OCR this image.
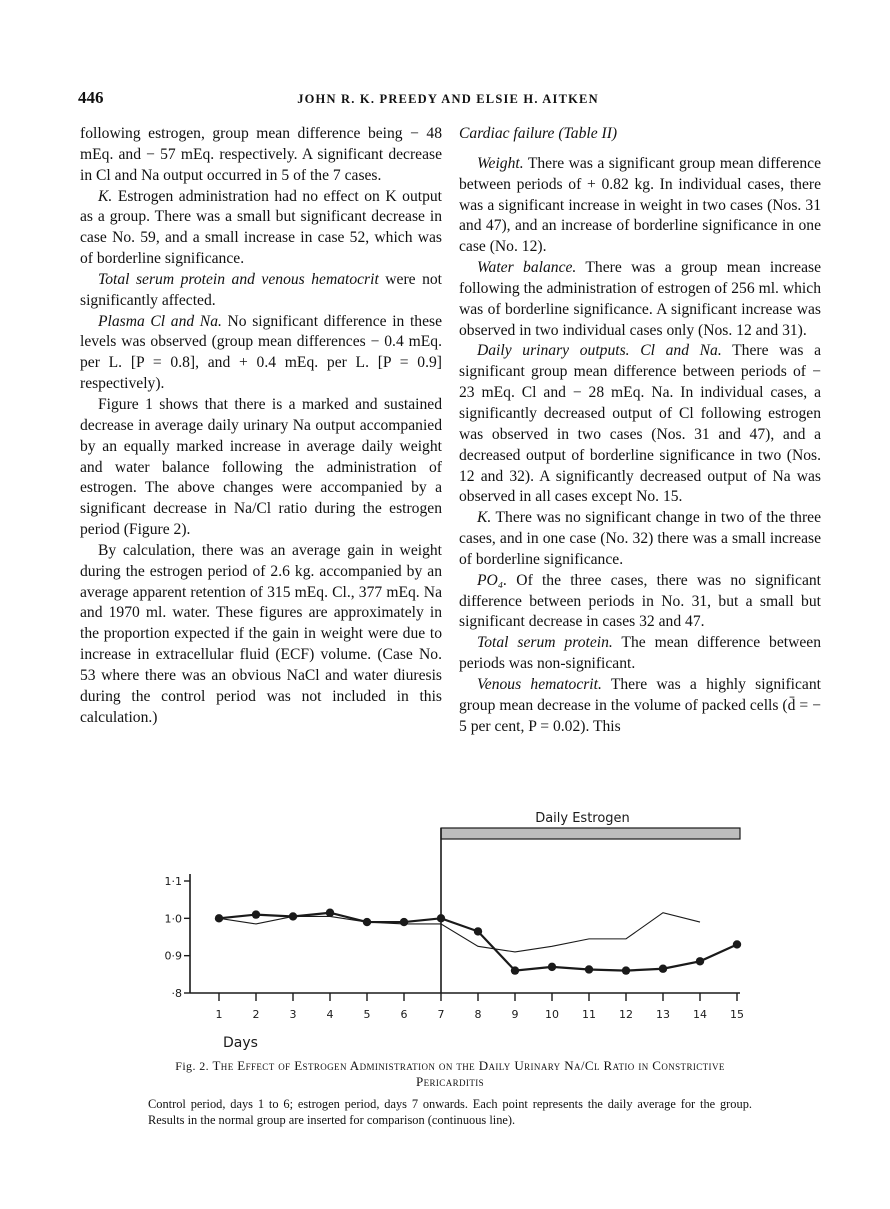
446	JOHN R. K. PREEDY AND ELSIE H. AITKEN

following estrogen, group mean difference being − 48 mEq. and − 57 mEq. respectively. A significant decrease in Cl and Na output occurred in 5 of the 7 cases.

K. Estrogen administration had no effect on K output as a group. There was a small but significant decrease in case No. 59, and a small increase in case 52, which was of borderline significance.

Total serum protein and venous hematocrit were not significantly affected.

Plasma Cl and Na. No significant difference in these levels was observed (group mean differences − 0.4 mEq. per L. [P = 0.8], and + 0.4 mEq. per L. [P = 0.9] respectively).

Figure 1 shows that there is a marked and sustained decrease in average daily urinary Na output accompanied by an equally marked increase in average daily weight and water balance following the administration of estrogen. The above changes were accompanied by a significant decrease in Na/Cl ratio during the estrogen period (Figure 2).

By calculation, there was an average gain in weight during the estrogen period of 2.6 kg. accompanied by an average apparent retention of 315 mEq. Cl., 377 mEq. Na and 1970 ml. water. These figures are approximately in the proportion expected if the gain in weight were due to increase in extracellular fluid (ECF) volume. (Case No. 53 where there was an obvious NaCl and water diuresis during the control period was not included in this calculation.)

Cardiac failure (Table II)

Weight. There was a significant group mean difference between periods of + 0.82 kg. In individual cases, there was a significant increase in weight in two cases (Nos. 31 and 47), and an increase of borderline significance in one case (No. 12).

Water balance. There was a group mean increase following the administration of estrogen of 256 ml. which was of borderline significance. A significant increase was observed in two individual cases only (Nos. 12 and 31).

Daily urinary outputs. Cl and Na. There was a significant group mean difference between periods of − 23 mEq. Cl and − 28 mEq. Na. In individual cases, a significantly decreased output of Cl following estrogen was observed in two cases (Nos. 31 and 47), and a decreased output of borderline significance in two (Nos. 12 and 32). A significantly decreased output of Na was observed in all cases except No. 15.

K. There was no significant change in two of the three cases, and in one case (No. 32) there was a small increase of borderline significance.

PO₄. Of the three cases, there was no significant difference between periods in No. 31, but a small but significant decrease in cases 32 and 47.

Total serum protein. The mean difference between periods was non-significant.

Venous hematocrit. There was a highly significant group mean decrease in the volume of packed cells (d̄ = − 5 per cent, P = 0.02). This

Daily Estrogen
·8
0·9
1·0
1·1
1	2	3	4	5	6	7	8	9 10 11 12 13 14 15
Days
Fig. 2. The Effect of Estrogen Administration on the Daily Urinary Na/Cl Ratio in Constrictive Pericarditis
Control period, days 1 to 6; estrogen period, days 7 onwards. Each point represents the daily average for the group. Results in the normal group are inserted for comparison (continuous line).
